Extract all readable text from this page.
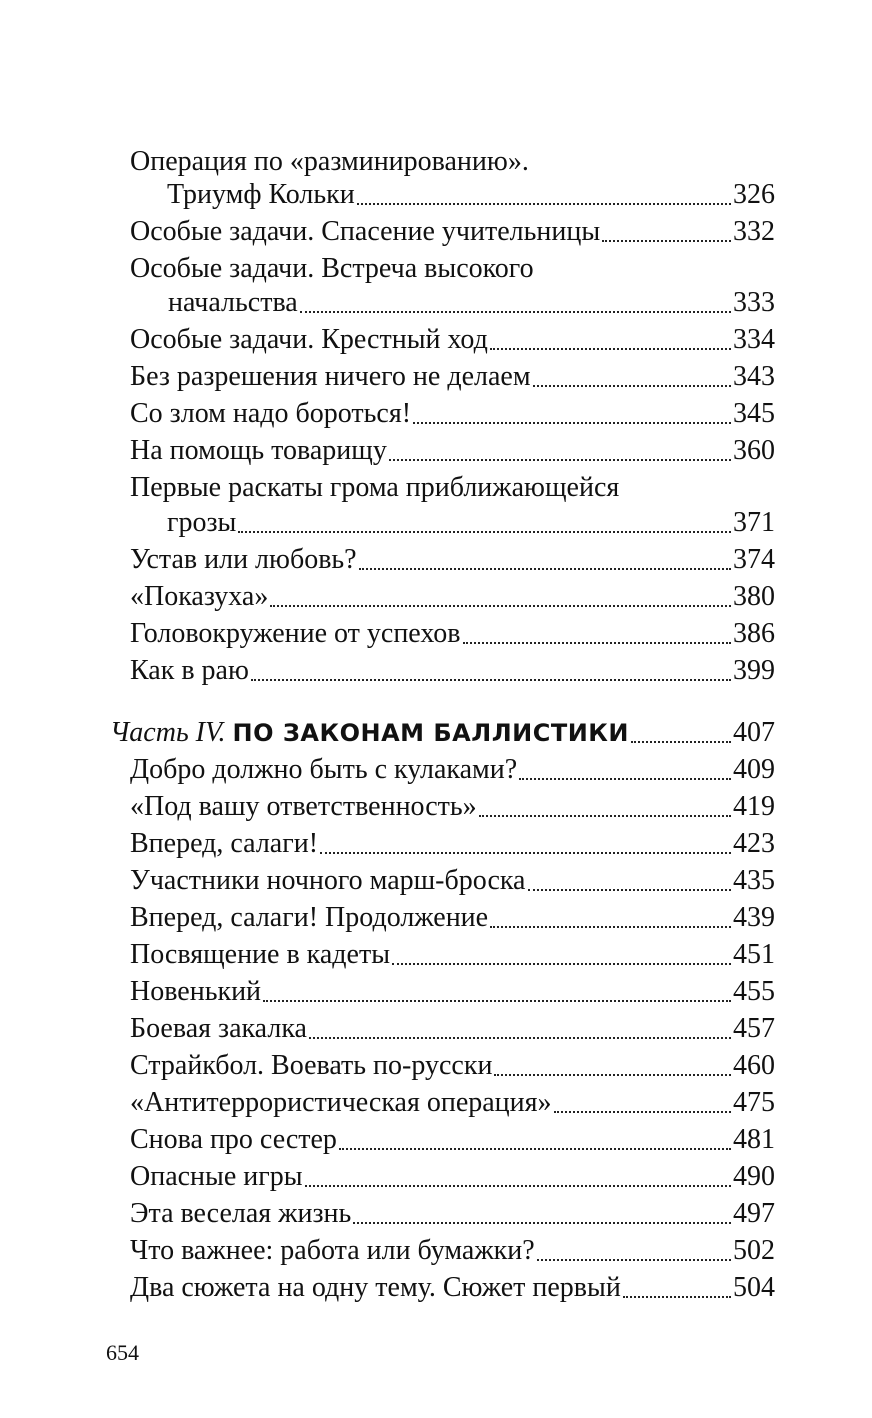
Операция по «разминированию».
Триумф Кольки	326
Особые задачи. Спасение учительницы	332
Особые задачи. Встреча высокого
начальства	333
Особые задачи. Крестный ход	334
Без разрешения ничего не делаем	343
Со злом надо бороться!	345
На помощь товарищу	360
Первые раскаты грома приближающейся
грозы	371
Устав или любовь?	374
«Показуха»	380
Головокружение от успехов	386
Как в раю	399
Часть IV. ПО ЗАКОНАМ БАЛЛИСТИКИ	407
Добро должно быть с кулаками?	409
«Под вашу ответственность»	419
Вперед, салаги!	423
Участники ночного марш-броска	435
Вперед, салаги! Продолжение	439
Посвящение в кадеты	451
Новенький	455
Боевая закалка	457
Страйкбол. Воевать по-русски	460
«Антитеррористическая операция»	475
Снова про сестер	481
Опасные игры	490
Эта веселая жизнь	497
Что важнее: работа или бумажки?	502
Два сюжета на одну тему. Сюжет первый	504
654
